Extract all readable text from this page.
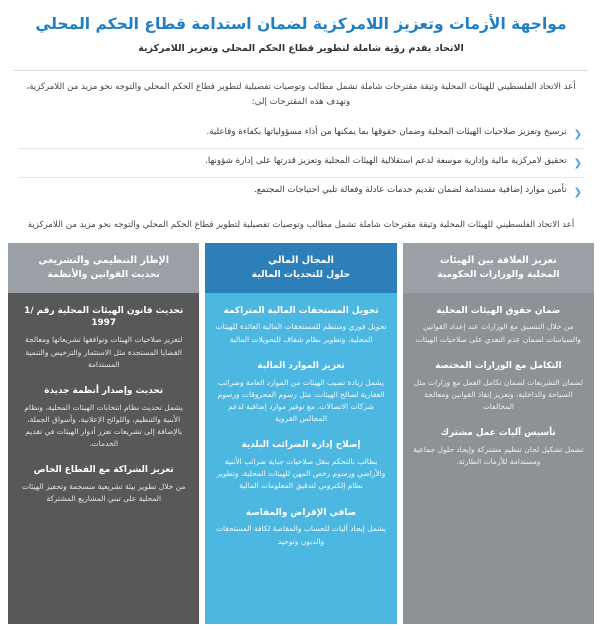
مواجهة الأزمات وتعزيز اللامركزية لضمان استدامة قطاع الحكم المحلي
الاتحاد يقدم رؤية شاملة لتطوير قطاع الحكم المحلي وتعزيز اللامركزية
أعد الاتحاد الفلسطيني للهيئات المحلية وثيقة مقترحات شاملة تشمل مطالب وتوصيات تفصيلية لتطوير قطاع الحكم المحلي والتوجه نحو مزيد من اللامركزية، وتهدف هذه المقترحات إلى:
❮
ترسيخ وتعزيز صلاحيات الهيئات المحلية وضمان حقوقها بما يمكنها من أداء مسؤولياتها بكفاءة وفاعلية.
❮
تحقيق لامركزية مالية وإدارية موسعة لدعم استقلالية الهيئات المحلية وتعزيز قدرتها على إدارة شؤونها.
❮
تأمين موارد إضافية مستدامة لضمان تقديم خدمات عادلة وفعالة تلبي احتياجات المجتمع.
أعد الاتحاد الفلسطيني للهيئات المحلية وثيقة مقترحات شاملة تشمل مطالب وتوصيات تفصيلية لتطوير قطاع الحكم المحلي والتوجه نحو مزيد من اللامركزية
تعزيز العلاقة بين الهيئات
المحلية والوزارات الحكومية
ضمان حقوق الهيئات المحلية
من خلال التنسيق مع الوزارات عند إعداد القوانين والسياسات لضمان عدم التعدي على صلاحيات الهيئات
التكامل مع الوزارات المختصة
لضمان التشريعات لضمان تكامل العمل مع وزارات مثل السياحة والداخلية، وتعزيز إنفاذ القوانين ومعالجة المخالفات
تأسيس آليات عمل مشترك
تشمل تشكيل لجان تنظيم مشتركة وإيجاد حلول جماعية ومستدامة للأزمات الطارئة.
المجال المالي
حلول للتحديات المالية
تحويل المستحقات المالية المتراكمة
تحويل فوري ومنتظم للمستحقات المالية العائدة للهيئات المحلية، وتطوير نظام شفاف للتحويلات المالية
تعزيز الموارد المالية
يشمل زيادة نصيب الهيئات من الموارد العامة وضرائب العقارية لصالح الهيئات، مثل رسوم المحروقات ورسوم شركات الاتصالات، مع توفير موارد إضافية لدعم المجالس القروية
إصلاح إدارة الضرائب البلدية
بطالب بالتحكم بنقل صلاحيات جباية ضرائب الأبنية والأراضي ورسوم رخص المهن للهيئات المحلية، وتطوير نظام إلكتروني لتدقيق المعلومات المالية
صافي الإقراض والمقاصة
يشمل إيجاد آليات للحساب والمقاصة لكافة المستحقات والديون وتوحيد
الإطار التنظيمي والتشريعي
تحديث القوانين والأنظمة
تحديث قانون الهيئات المحلية رقم /1 1997
لتعزيز صلاحيات الهيئات وتوافقها تشريعاتها ومعالجة القضايا المستجدة مثل الاستثمار والترخيص والتنمية المستدامة
تحديث وإصدار أنظمة جديدة
يشمل تحديث نظام انتخابات الهيئات المحلية، ونظام الأبنية والتنظيم، واللوائح الإعلانية، وأسواق الجملة، بالإضافة إلى تشريعات تعزز أدوار الهيئات في تقديم الخدمات.
تعزيز الشراكة مع القطاع الخاص
من خلال تطوير بيئة تشريعية منسجمة وتحفيز الهيئات المحلية على تبني المشاريع المشتركة
